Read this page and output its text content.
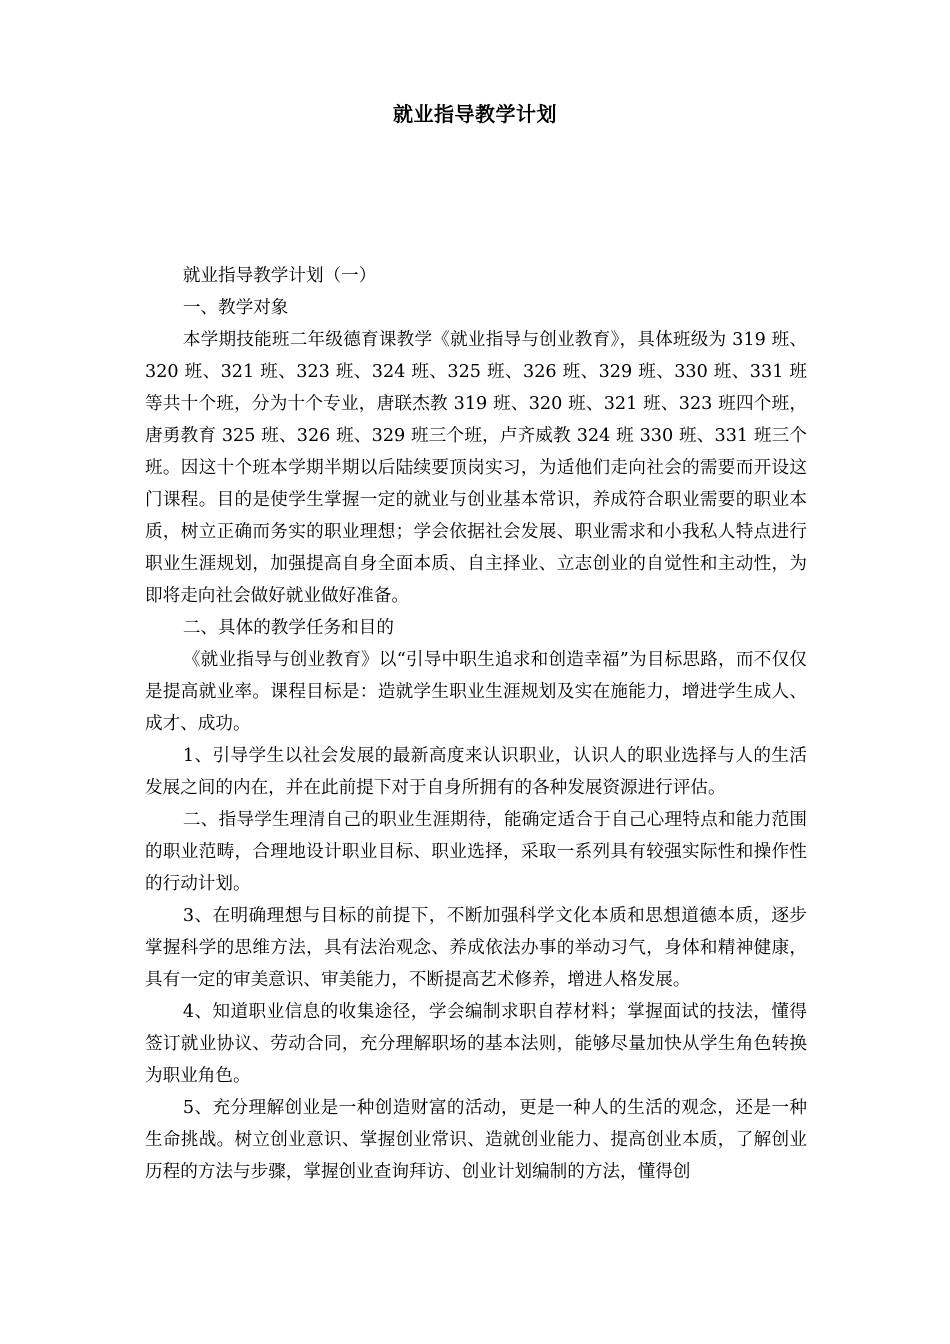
就业指导教学计划

就业指导教学计划（一）

一、教学对象

本学期技能班二年级德育课教学《就业指导与创业教育》，具体班级为 319 班、320 班、321 班、323 班、324 班、325 班、326 班、329 班、330 班、331 班等共十个班，分为十个专业，唐联杰教 319 班、320 班、321 班、323 班四个班，唐勇教育 325 班、326 班、329 班三个班，卢齐威教 324 班 330 班、331 班三个班。因这十个班本学期半期以后陆续要顶岗实习，为适他们走向社会的需要而开设这门课程。目的是使学生掌握一定的就业与创业基本常识，养成符合职业需要的职业本质，树立正确而务实的职业理想；学会依据社会发展、职业需求和小我私人特点进行职业生涯规划，加强提高自身全面本质、自主择业、立志创业的自觉性和主动性，为即将走向社会做好就业做好准备。

二、具体的教学任务和目的

《就业指导与创业教育》以“引导中职生追求和创造幸福”为目标思路，而不仅仅是提高就业率。课程目标是：造就学生职业生涯规划及实在施能力，增进学生成人、成才、成功。

1、引导学生以社会发展的最新高度来认识职业，认识人的职业选择与人的生活发展之间的内在，并在此前提下对于自身所拥有的各种发展资源进行评估。

二、指导学生理清自己的职业生涯期待，能确定适合于自己心理特点和能力范围的职业范畴，合理地设计职业目标、职业选择，采取一系列具有较强实际性和操作性的行动计划。

3、在明确理想与目标的前提下，不断加强科学文化本质和思想道德本质，逐步掌握科学的思维方法，具有法治观念、养成依法办事的举动习气，身体和精神健康，具有一定的审美意识、审美能力，不断提高艺术修养，增进人格发展。

4、知道职业信息的收集途径，学会编制求职自荐材料；掌握面试的技法，懂得签订就业协议、劳动合同，充分理解职场的基本法则，能够尽量加快从学生角色转换为职业角色。

5、充分理解创业是一种创造财富的活动，更是一种人的生活的观念，还是一种生命挑战。树立创业意识、掌握创业常识、造就创业能力、提高创业本质，了解创业历程的方法与步骤，掌握创业查询拜访、创业计划编制的方法，懂得创
